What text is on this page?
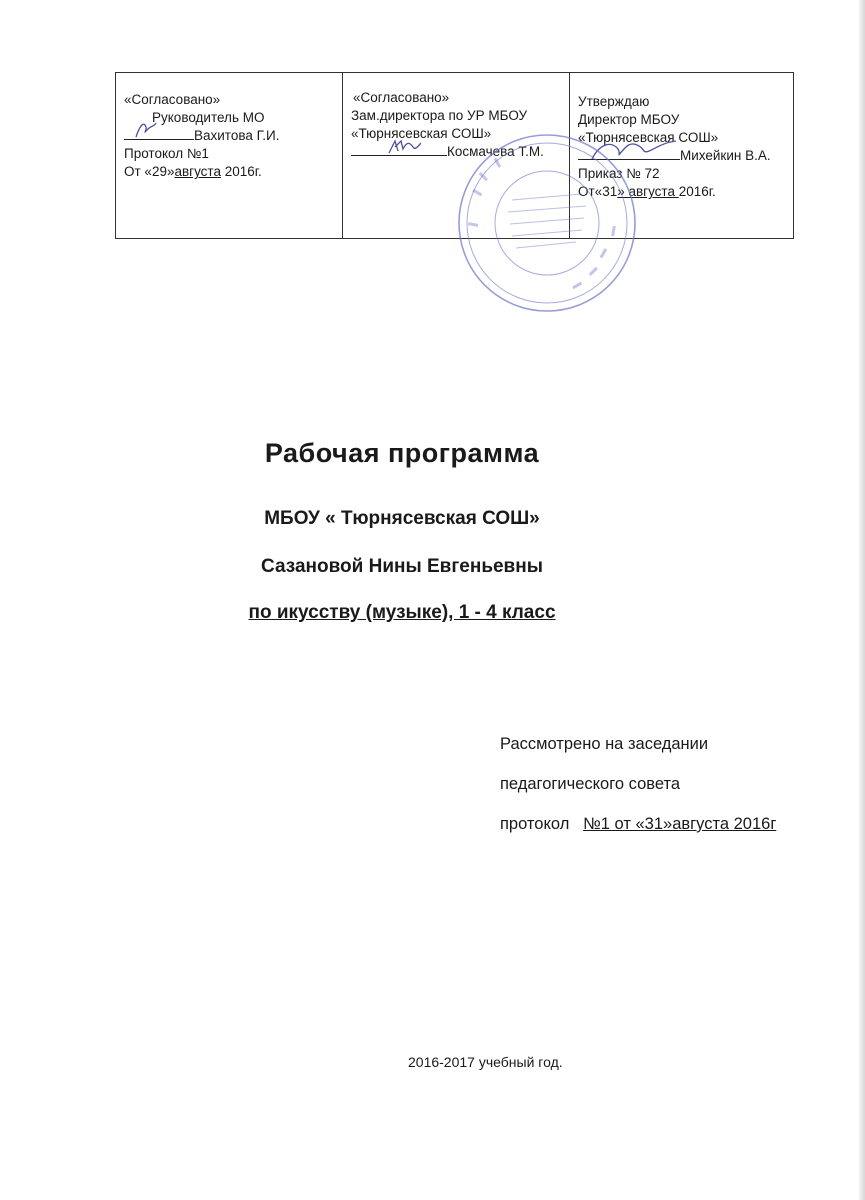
«Согласовано»
Руководитель МО
Вахитова Г.И.
Протокол №1
От «29»августа 2016г.

«Согласовано»
Зам.директора по УР МБОУ
«Тюрнясевская СОШ»
Космачева Т.М.

Утверждаю
Директор МБОУ
«Тюрнясевская СОШ»
Михейкин В.А.
Приказ № 72
От«31» августа 2016г.
Рабочая программа
МБОУ « Тюрнясевская СОШ»
Сазановой Нины Евгеньевны
по икусству (музыке), 1 - 4 класс
Рассмотрено на заседании
педагогического совета
протокол   №1 от «31»августа 2016г
2016-2017 учебный год.
